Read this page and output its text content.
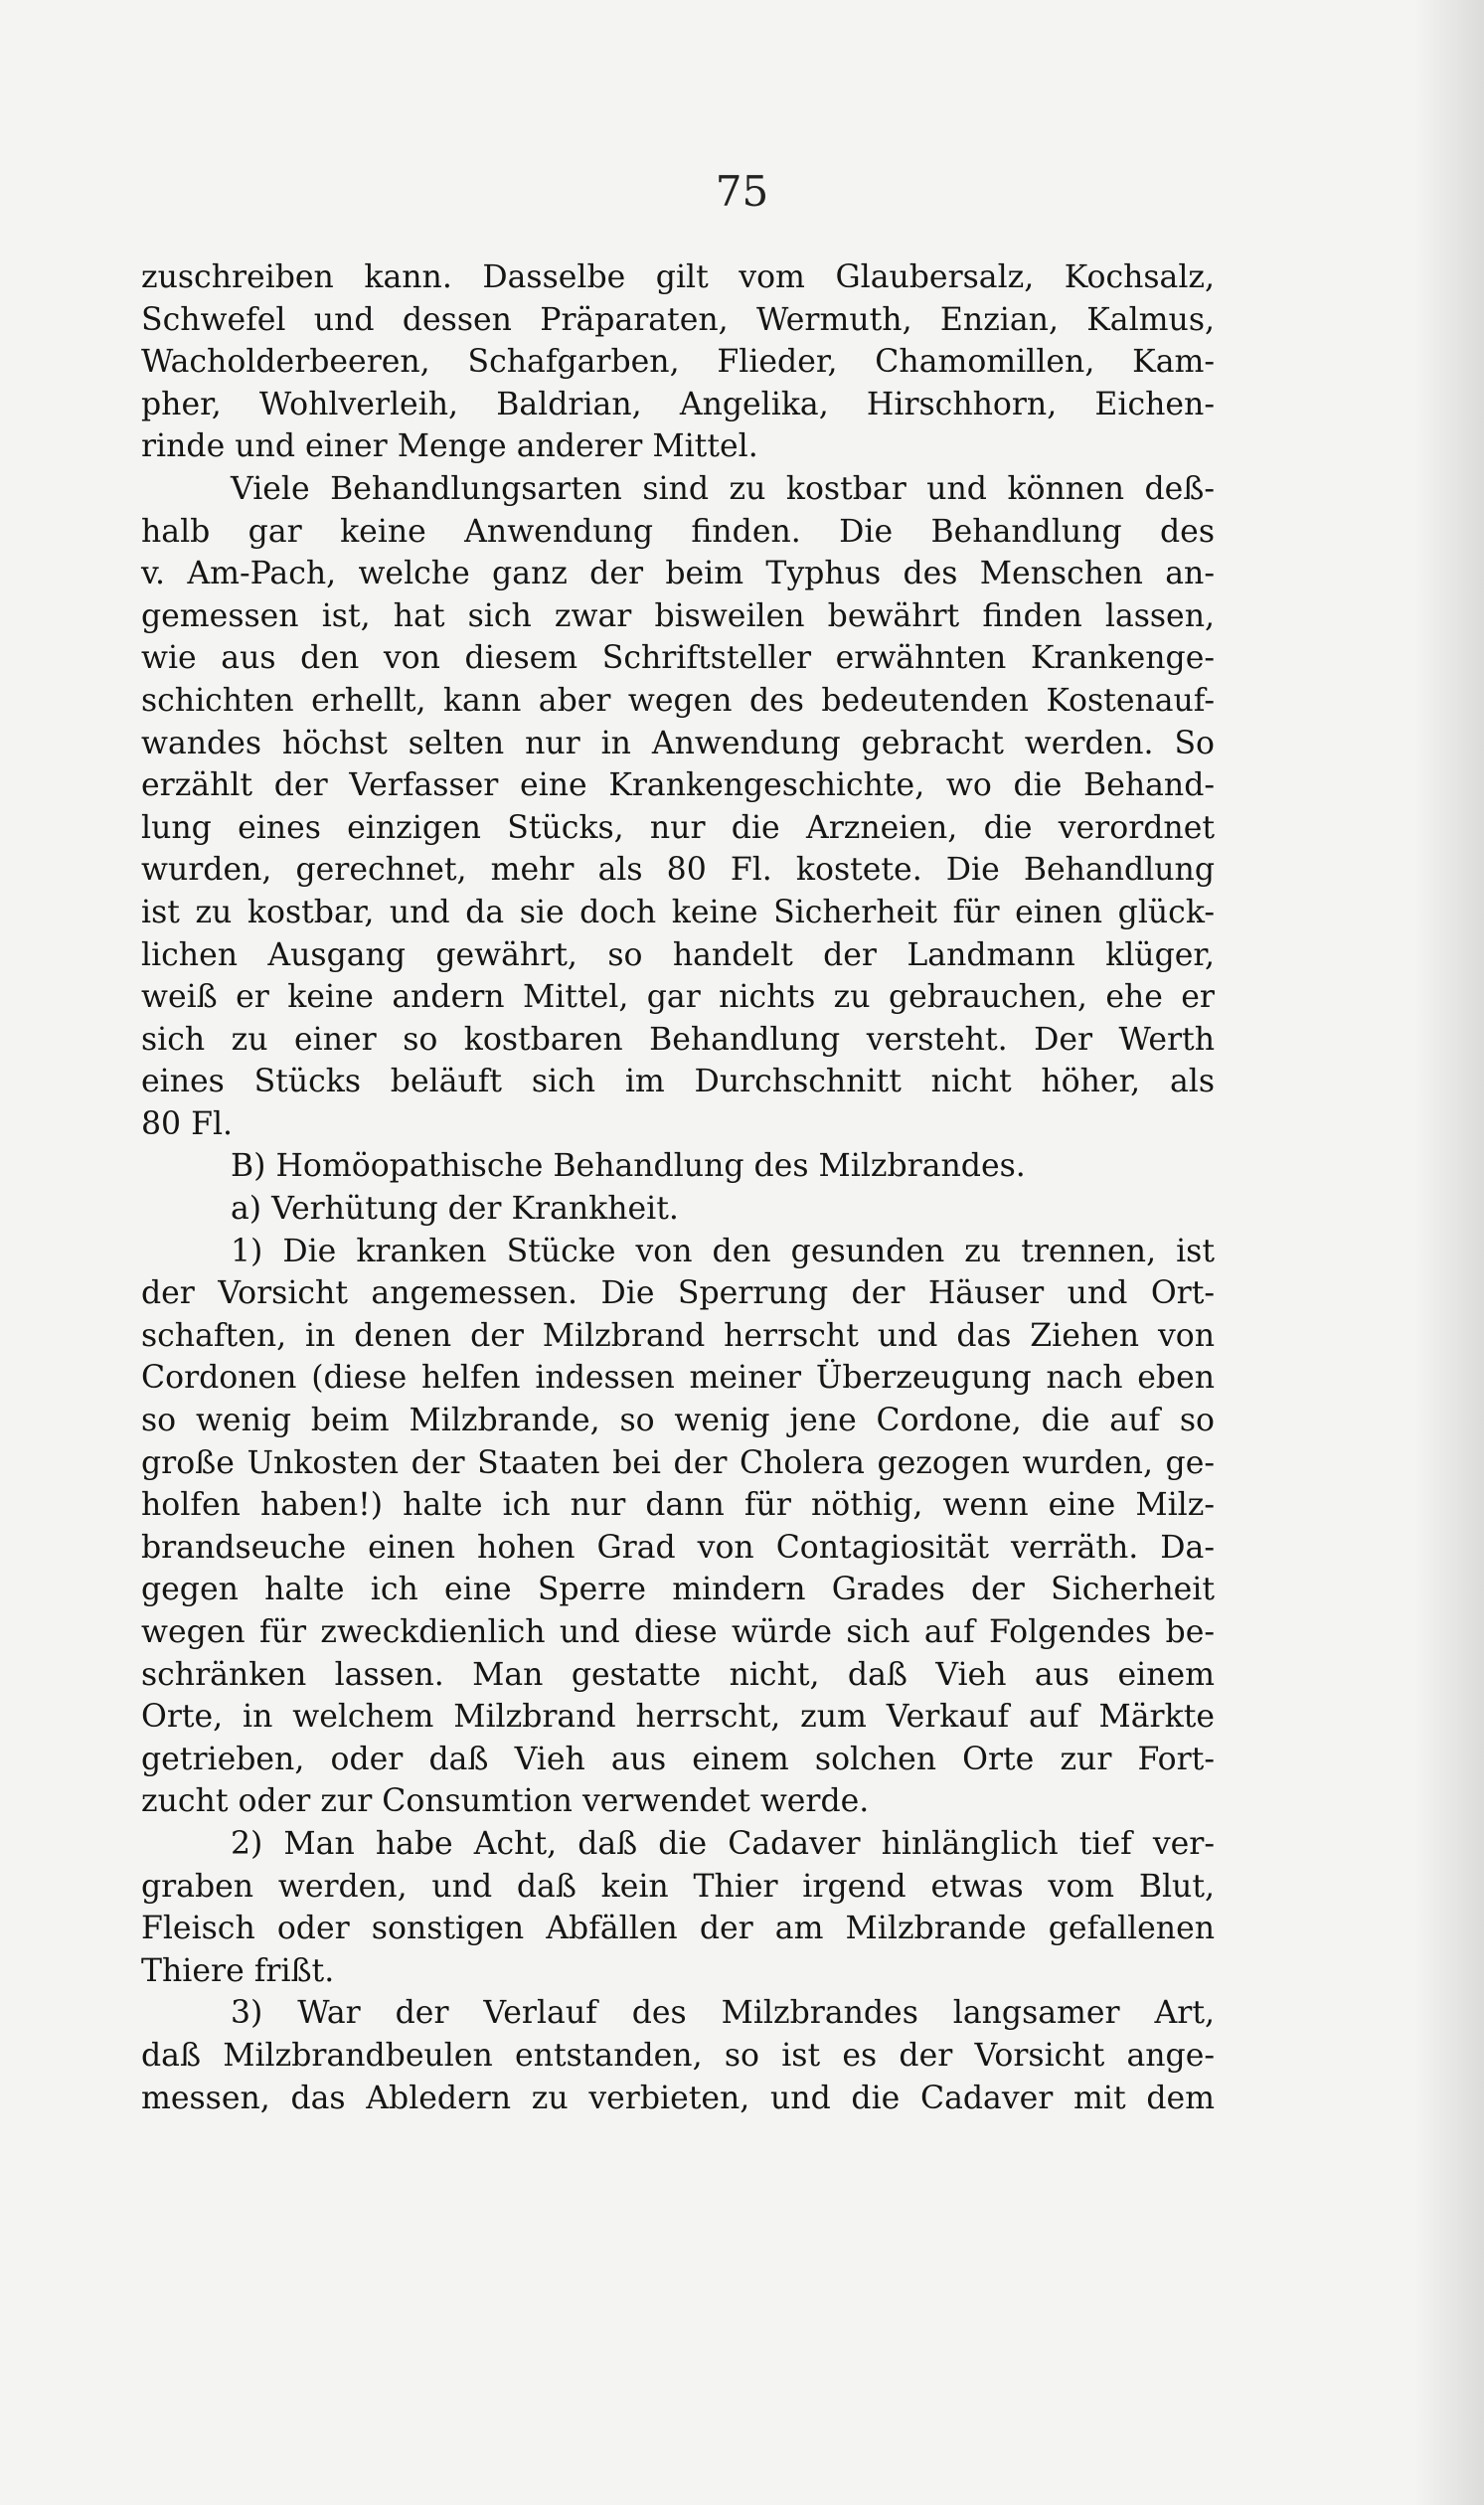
75
zuschreiben kann. Dasselbe gilt vom Glaubersalz, Kochsalz,
Schwefel und dessen Präparaten, Wermuth, Enzian, Kalmus,
Wacholderbeeren, Schafgarben, Flieder, Chamomillen, Kam-
pher, Wohlverleih, Baldrian, Angelika, Hirschhorn, Eichen-
rinde und einer Menge anderer Mittel.
Viele Behandlungsarten sind zu kostbar und können deß-
halb gar keine Anwendung finden. Die Behandlung des
v. Am-Pach, welche ganz der beim Typhus des Menschen an-
gemessen ist, hat sich zwar bisweilen bewährt finden lassen,
wie aus den von diesem Schriftsteller erwähnten Krankenge-
schichten erhellt, kann aber wegen des bedeutenden Kostenauf-
wandes höchst selten nur in Anwendung gebracht werden. So
erzählt der Verfasser eine Krankengeschichte, wo die Behand-
lung eines einzigen Stücks, nur die Arzneien, die verordnet
wurden, gerechnet, mehr als 80 Fl. kostete. Die Behandlung
ist zu kostbar, und da sie doch keine Sicherheit für einen glück-
lichen Ausgang gewährt, so handelt der Landmann klüger,
weiß er keine andern Mittel, gar nichts zu gebrauchen, ehe er
sich zu einer so kostbaren Behandlung versteht. Der Werth
eines Stücks beläuft sich im Durchschnitt nicht höher, als
80 Fl.
B) Homöopathische Behandlung des Milzbrandes.
a) Verhütung der Krankheit.
1) Die kranken Stücke von den gesunden zu trennen, ist
der Vorsicht angemessen. Die Sperrung der Häuser und Ort-
schaften, in denen der Milzbrand herrscht und das Ziehen von
Cordonen (diese helfen indessen meiner Überzeugung nach eben
so wenig beim Milzbrande, so wenig jene Cordone, die auf so
große Unkosten der Staaten bei der Cholera gezogen wurden, ge-
holfen haben!) halte ich nur dann für nöthig, wenn eine Milz-
brandseuche einen hohen Grad von Contagiosität verräth. Da-
gegen halte ich eine Sperre mindern Grades der Sicherheit
wegen für zweckdienlich und diese würde sich auf Folgendes be-
schränken lassen. Man gestatte nicht, daß Vieh aus einem
Orte, in welchem Milzbrand herrscht, zum Verkauf auf Märkte
getrieben, oder daß Vieh aus einem solchen Orte zur Fort-
zucht oder zur Consumtion verwendet werde.
2) Man habe Acht, daß die Cadaver hinlänglich tief ver-
graben werden, und daß kein Thier irgend etwas vom Blut,
Fleisch oder sonstigen Abfällen der am Milzbrande gefallenen
Thiere frißt.
3) War der Verlauf des Milzbrandes langsamer Art,
daß Milzbrandbeulen entstanden, so ist es der Vorsicht ange-
messen, das Abledern zu verbieten, und die Cadaver mit dem
